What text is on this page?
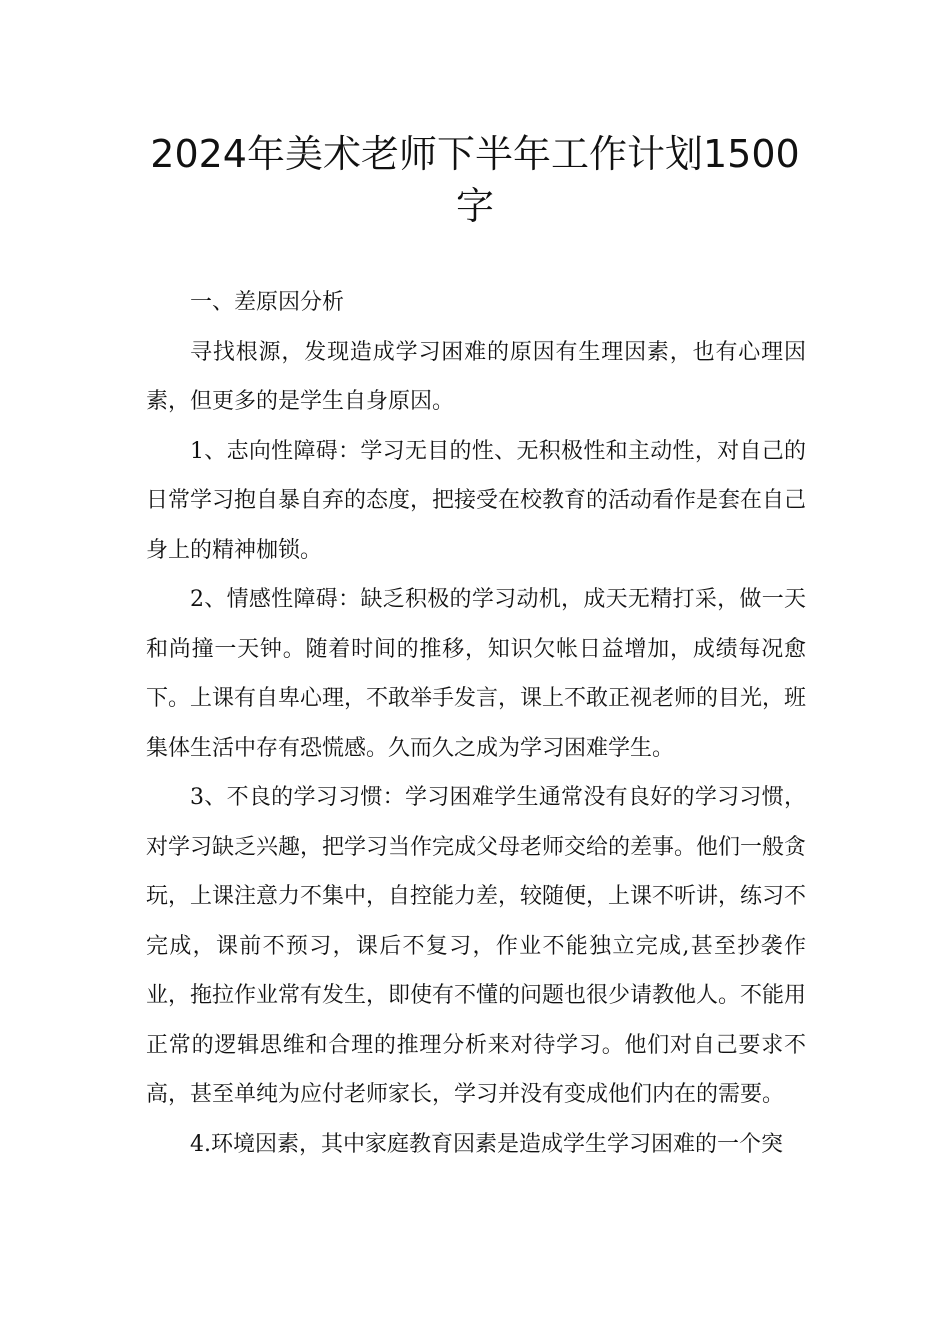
2024年美术老师下半年工作计划1500字

一、差原因分析

寻找根源，发现造成学习困难的原因有生理因素，也有心理因素，但更多的是学生自身原因。

1、志向性障碍：学习无目的性、无积极性和主动性，对自己的日常学习抱自暴自弃的态度，把接受在校教育的活动看作是套在自己身上的精神枷锁。

2、情感性障碍：缺乏积极的学习动机，成天无精打采，做一天和尚撞一天钟。随着时间的推移，知识欠帐日益增加，成绩每况愈下。上课有自卑心理，不敢举手发言，课上不敢正视老师的目光，班集体生活中存有恐慌感。久而久之成为学习困难学生。

3、不良的学习习惯：学习困难学生通常没有良好的学习习惯，对学习缺乏兴趣，把学习当作完成父母老师交给的差事。他们一般贪玩，上课注意力不集中，自控能力差，较随便，上课不听讲，练习不完成，课前不预习，课后不复习，作业不能独立完成,甚至抄袭作业，拖拉作业常有发生，即使有不懂的问题也很少请教他人。不能用正常的逻辑思维和合理的推理分析来对待学习。他们对自己要求不高，甚至单纯为应付老师家长，学习并没有变成他们内在的需要。

4.环境因素，其中家庭教育因素是造成学生学习困难的一个突
